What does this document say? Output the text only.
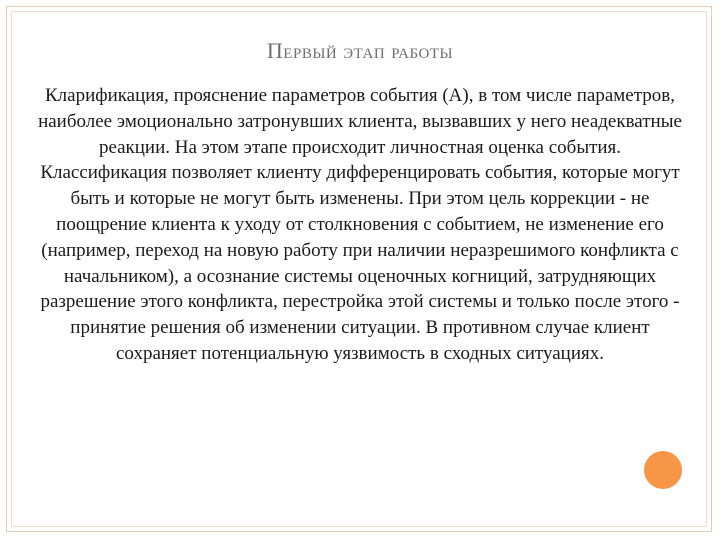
Первый этап работы

Кларификация, прояснение параметров события (А), в том числе параметров, наиболее эмоционально затронувших клиента, вызвавших у него неадекватные реакции. На этом этапе происходит личностная оценка события. Классификация позволяет клиенту дифференцировать события, которые могут быть и которые не могут быть изменены. При этом цель коррекции - не поощрение клиента к уходу от столкновения с событием, не изменение его (например, переход на новую работу при наличии неразрешимого конфликта с начальником), а осознание системы оценочных когниций, затрудняющих разрешение этого конфликта, перестройка этой системы и только после этого - принятие решения об изменении ситуации. В противном случае клиент сохраняет потенциальную уязвимость в сходных ситуациях.
